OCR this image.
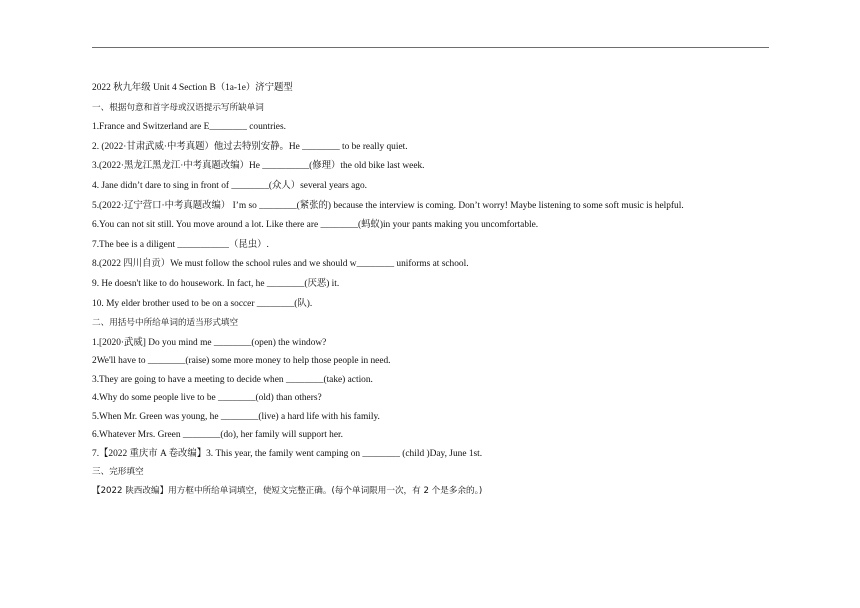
2022 秋九年级 Unit 4 Section B（1a-1e）济宁题型
一、根据句意和首字母或汉语提示写所缺单词
1.France and Switzerland are E________ countries.
2. (2022·甘肃武威·中考真题）他过去特别安静。He ________ to be really quiet.
3.(2022·黑龙江黑龙江·中考真题改编）He __________(修理）the old bike last week.
4. Jane didn’t dare to sing in front of ________(众人）several years ago.
5.(2022·辽宁营口·中考真题改编） I’m so ________(紧张的) because the interview is coming. Don’t worry! Maybe listening to some soft music is helpful.
6.You can not sit still. You move around a lot. Like there are ________(蚂蚁)in your pants making you uncomfortable.
7.The bee is a diligent ___________（昆虫）.
8.(2022 四川自贡）We must follow the school rules and we should w________ uniforms at school.
9. He doesn't like to do housework. In fact, he ________(厌恶) it.
10. My elder brother used to be on a soccer ________(队).
二、用括号中所给单词的适当形式填空
1.[2020·武威] Do you mind me ________(open) the window?
2We'll have to ________(raise) some more money to help those people in need.
3.They are going to have a meeting to decide when ________(take) action.
4.Why do some people live to be ________(old) than others?
5.When Mr. Green was young, he ________(live) a hard life with his family.
6.Whatever Mrs. Green ________(do), her family will support her.
7.【2022 重庆市 A 卷改编】3. This year, the family went camping on ________ (child )Day, June 1st.
三、完形填空
【2022 陕西改编】用方框中所给单词填空，使短文完整正确。(每个单词限用一次，有 2 个是多余的。)
